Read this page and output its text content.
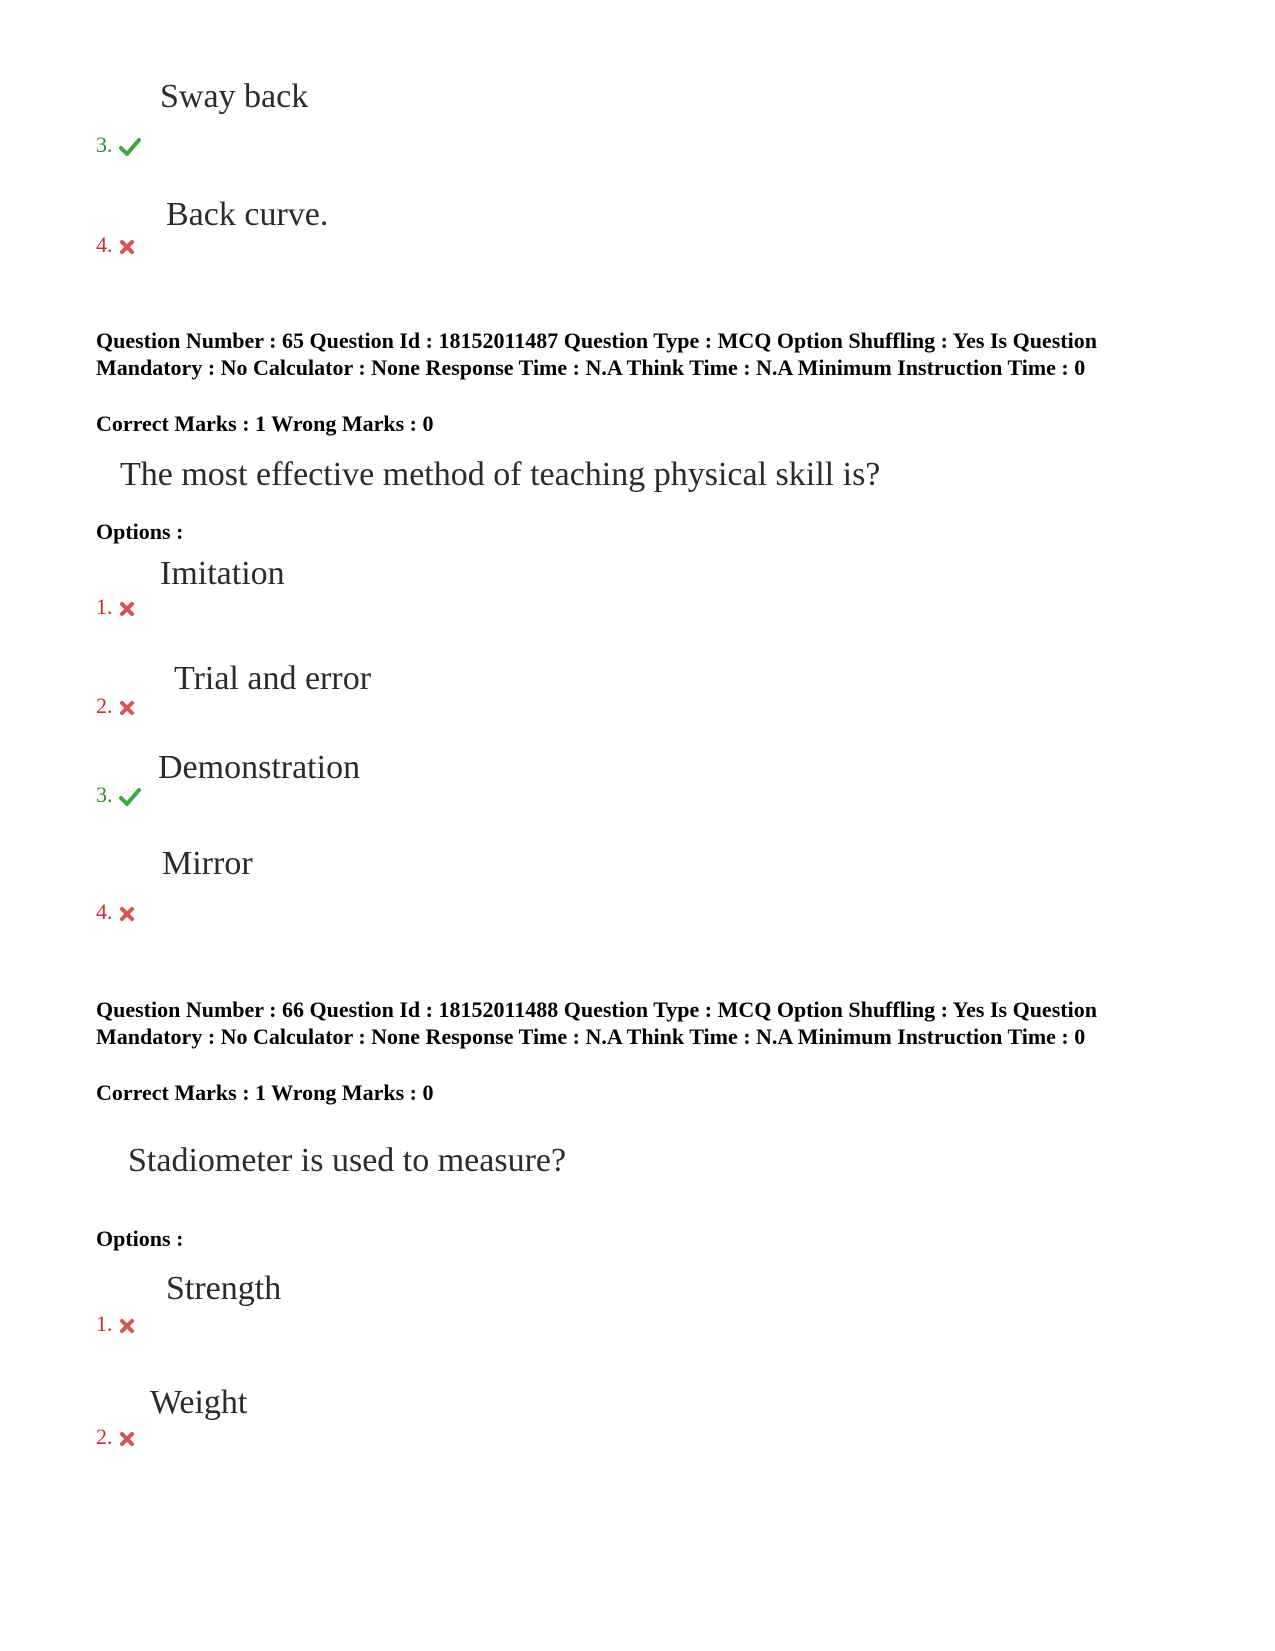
Sway back
3.
Back curve.
4.
Question Number : 65 Question Id : 18152011487 Question Type : MCQ Option Shuffling : Yes Is Question Mandatory : No Calculator : None Response Time : N.A Think Time : N.A Minimum Instruction Time : 0
Correct Marks : 1 Wrong Marks : 0
The most effective method of teaching physical skill is?
Options :
Imitation
1.
Trial and error
2.
Demonstration
3.
Mirror
4.
Question Number : 66 Question Id : 18152011488 Question Type : MCQ Option Shuffling : Yes Is Question Mandatory : No Calculator : None Response Time : N.A Think Time : N.A Minimum Instruction Time : 0
Correct Marks : 1 Wrong Marks : 0
Stadiometer is used to measure?
Options :
Strength
1.
Weight
2.
